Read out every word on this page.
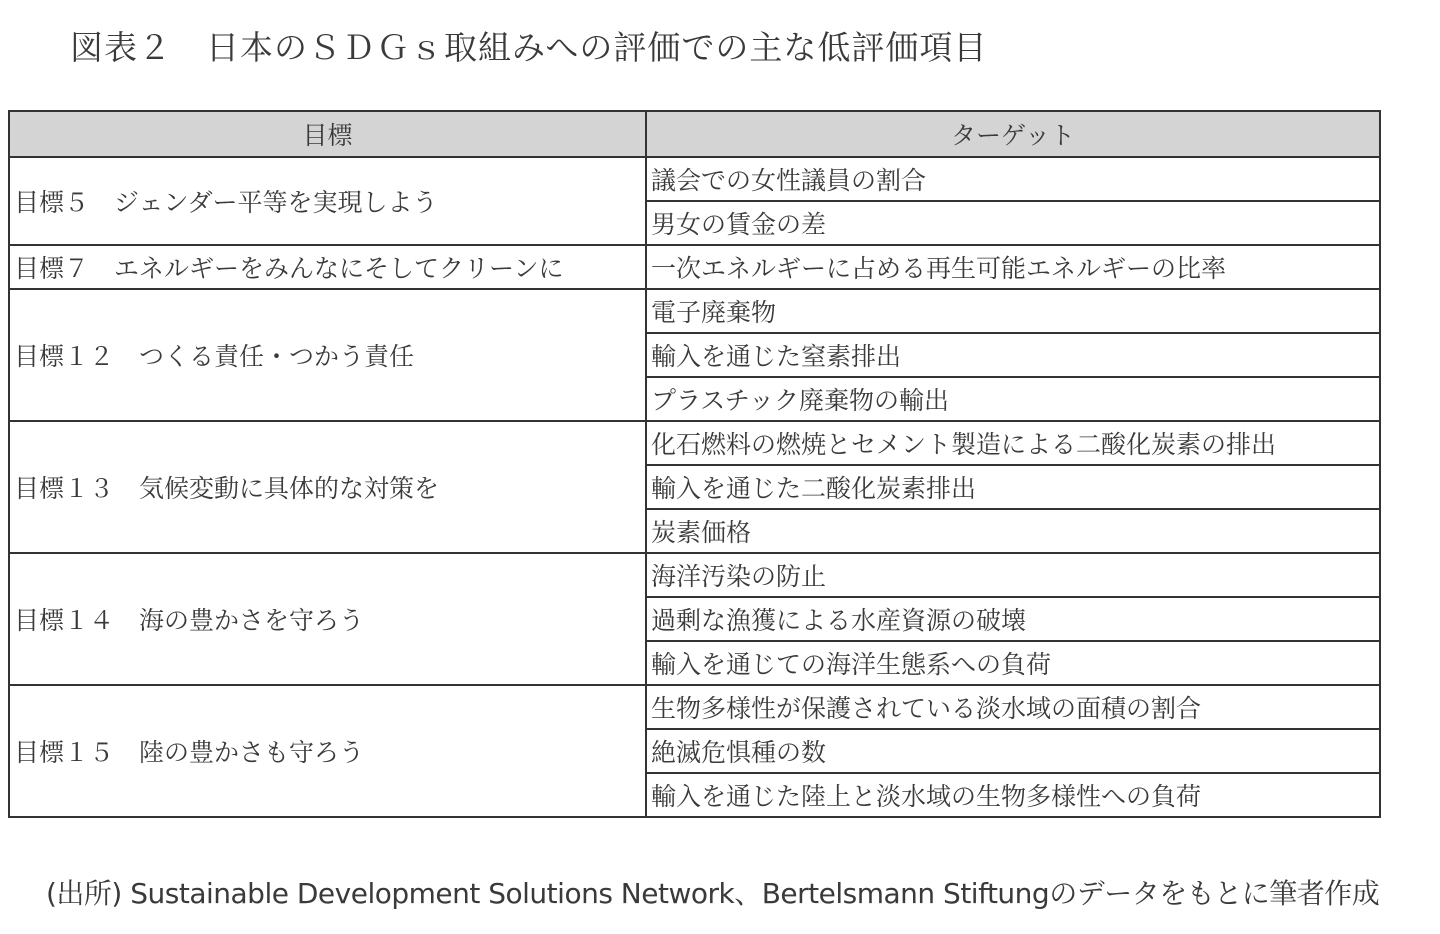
図表２　日本のＳＤＧｓ取組みへの評価での主な低評価項目
目標	ターゲット
目標５　ジェンダー平等を実現しよう	議会での女性議員の割合
	男女の賃金の差
目標７　エネルギーをみんなにそしてクリーンに	一次エネルギーに占める再生可能エネルギーの比率
目標１２　つくる責任・つかう責任	電子廃棄物
	輸入を通じた窒素排出
	プラスチック廃棄物の輸出
目標１３　気候変動に具体的な対策を	化石燃料の燃焼とセメント製造による二酸化炭素の排出
	輸入を通じた二酸化炭素排出
	炭素価格
目標１４　海の豊かさを守ろう	海洋汚染の防止
	過剰な漁獲による水産資源の破壊
	輸入を通じての海洋生態系への負荷
目標１５　陸の豊かさも守ろう	生物多様性が保護されている淡水域の面積の割合
	絶滅危惧種の数
	輸入を通じた陸上と淡水域の生物多様性への負荷
(出所) Sustainable Development Solutions Network、Bertelsmann Stiftungのデータをもとに筆者作成
